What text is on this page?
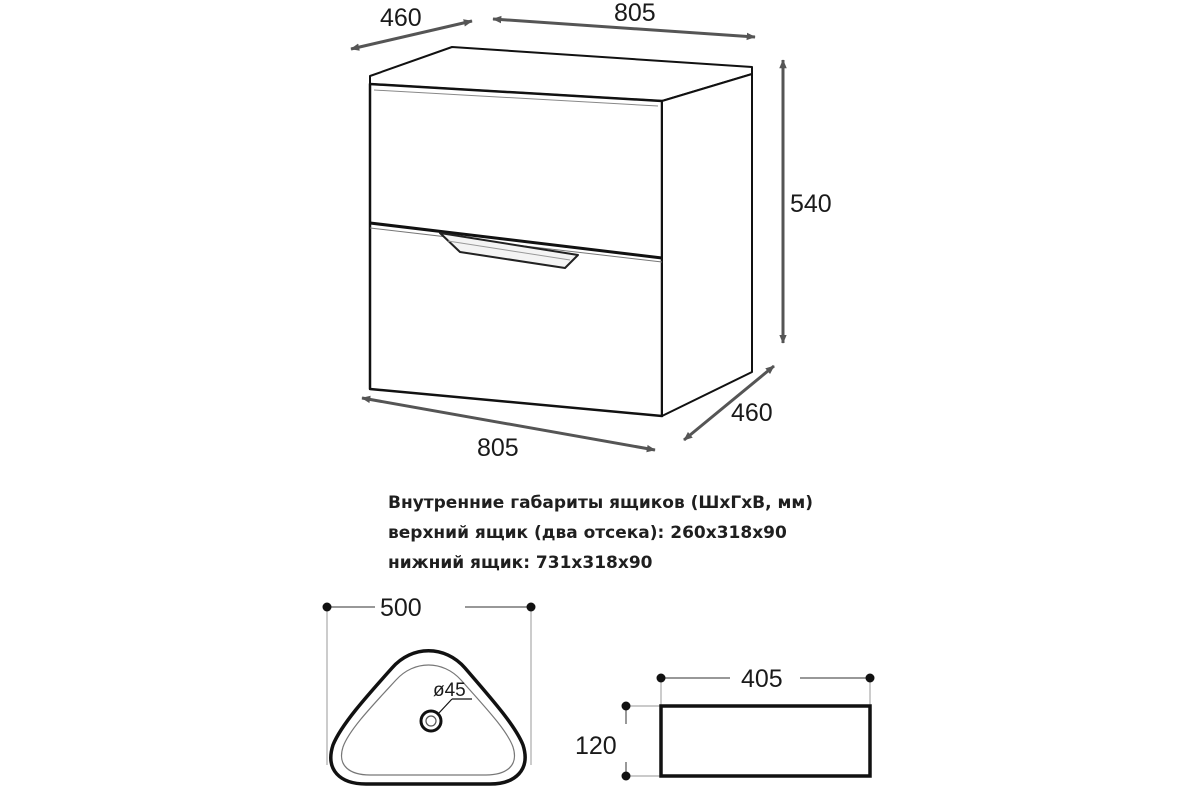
460	805
540
460
805
500
ø45	405
120
Внутренние габариты ящиков (ШхГхВ, мм)
верхний ящик (два отсека): 260х318х90
нижний ящик: 731х318х90
